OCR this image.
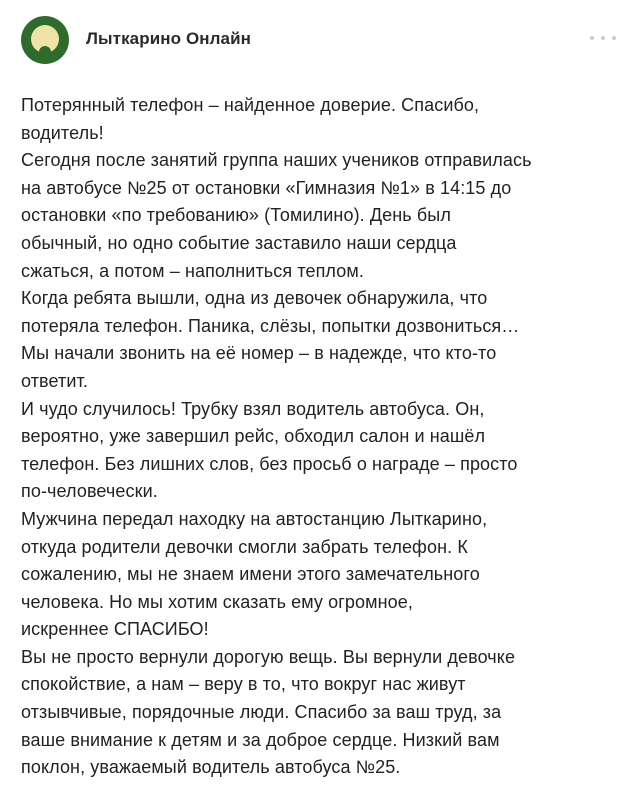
Лыткарино Онлайн

Потерянный телефон – найденное доверие. Спасибо,
водитель!

Сегодня после занятий группа наших учеников отправилась
на автобусе №25 от остановки «Гимназия №1» в 14:15 до
остановки «по требованию» (Томилино). День был
обычный, но одно событие заставило наши сердца
сжаться, а потом – наполниться теплом.

Когда ребята вышли, одна из девочек обнаружила, что
потеряла телефон. Паника, слёзы, попытки дозвониться…
Мы начали звонить на её номер – в надежде, что кто-то
ответит.

И чудо случилось! Трубку взял водитель автобуса. Он,
вероятно, уже завершил рейс, обходил салон и нашёл
телефон. Без лишних слов, без просьб о награде – просто
по-человечески.

Мужчина передал находку на автостанцию Лыткарино,
откуда родители девочки смогли забрать телефон. К
сожалению, мы не знаем имени этого замечательного
человека. Но мы хотим сказать ему огромное,
искреннее СПАСИБО!

Вы не просто вернули дорогую вещь. Вы вернули девочке
спокойствие, а нам – веру в то, что вокруг нас живут
отзывчивые, порядочные люди. Спасибо за ваш труд, за
ваше внимание к детям и за доброе сердце. Низкий вам
поклон, уважаемый водитель автобуса №25.
